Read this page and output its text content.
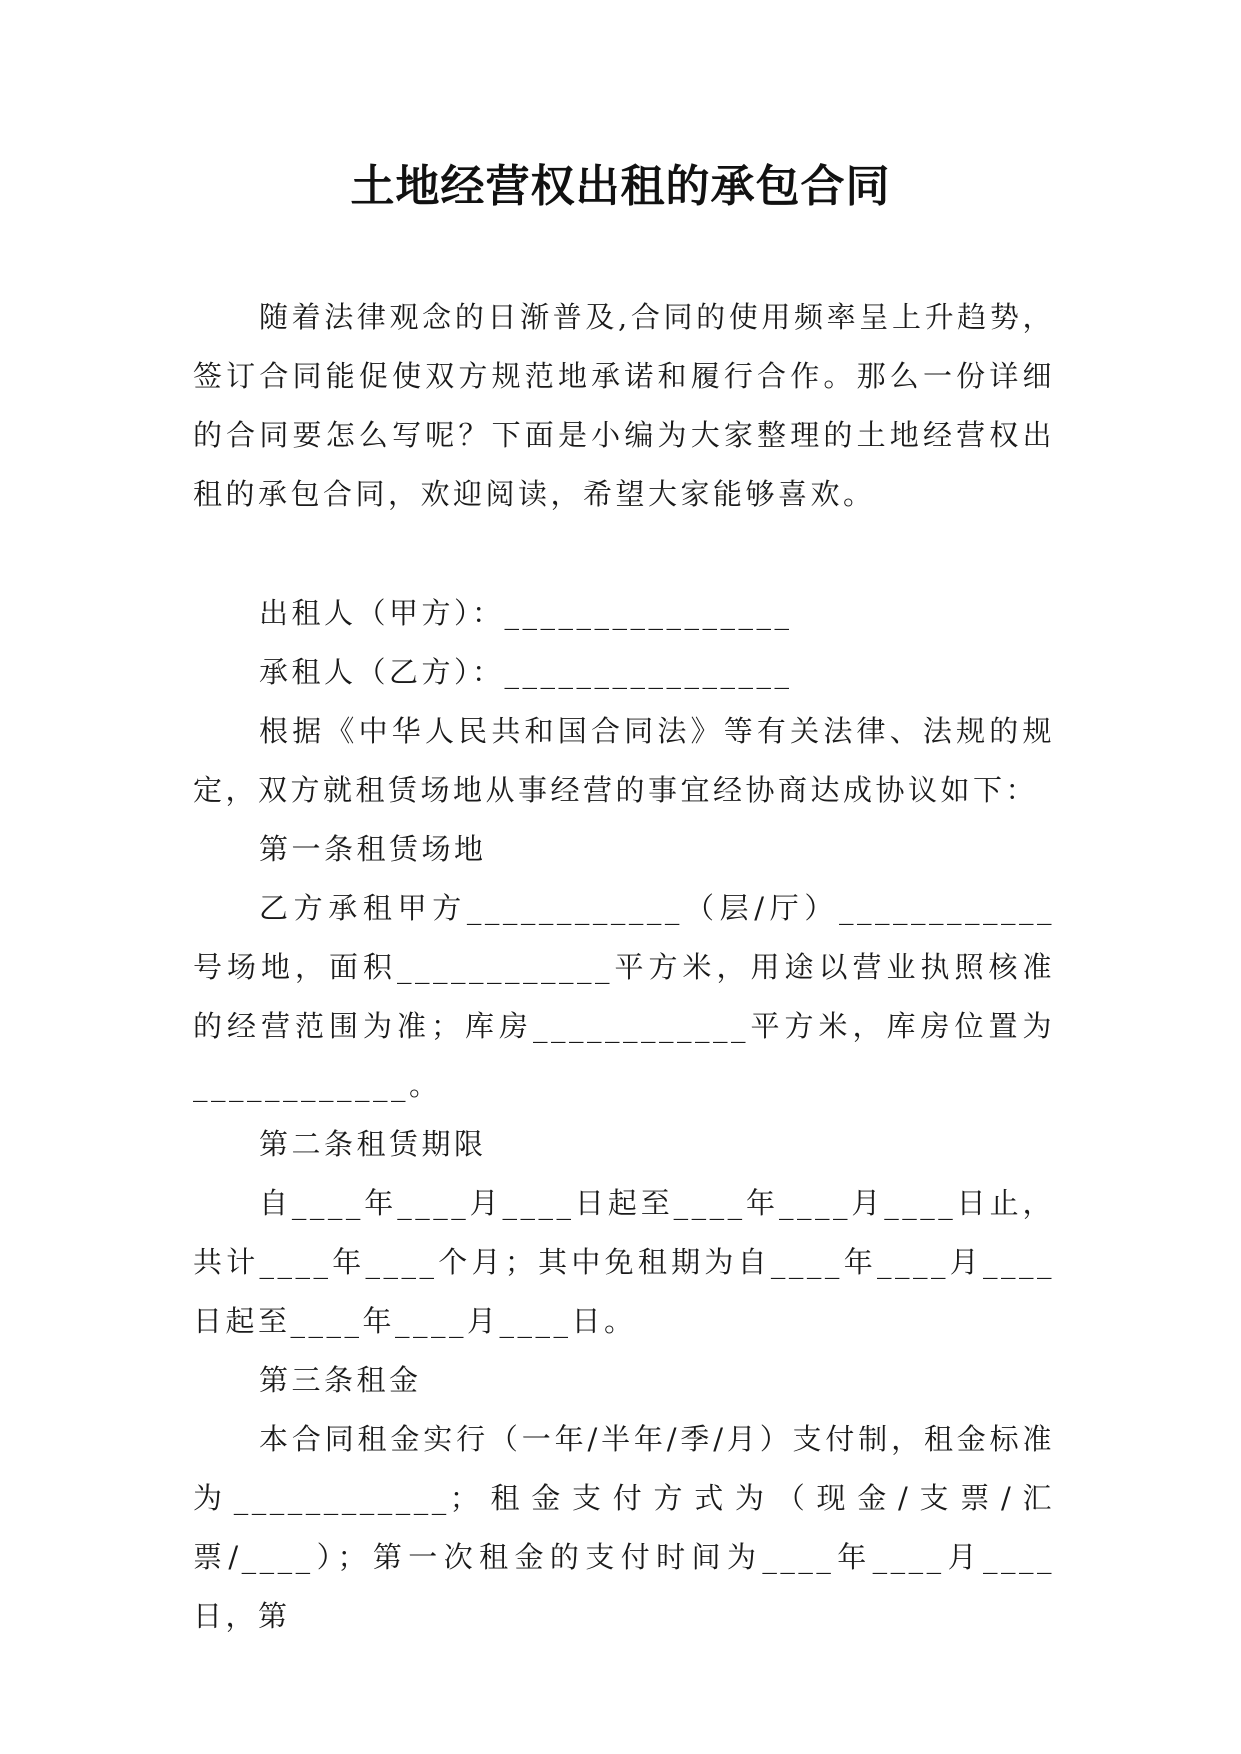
土地经营权出租的承包合同

随着法律观念的日渐普及,合同的使用频率呈上升趋势，签订合同能促使双方规范地承诺和履行合作。那么一份详细的合同要怎么写呢？下面是小编为大家整理的土地经营权出租的承包合同，欢迎阅读，希望大家能够喜欢。

出租人（甲方）：________________

承租人（乙方）：________________

根据《中华人民共和国合同法》等有关法律、法规的规定，双方就租赁场地从事经营的事宜经协商达成协议如下：

第一条租赁场地

乙方承租甲方____________（层/厅）____________号场地，面积____________平方米，用途以营业执照核准的经营范围为准；库房____________平方米，库房位置为____________。

第二条租赁期限

自____年____月____日起至____年____月____日止，共计____年____个月；其中免租期为自____年____月____日起至____年____月____日。

第三条租金

本合同租金实行（一年/半年/季/月）支付制，租金标准为____________；租金支付方式为（现金/支票/汇票/____）；第一次租金的支付时间为____年____月____日，第
